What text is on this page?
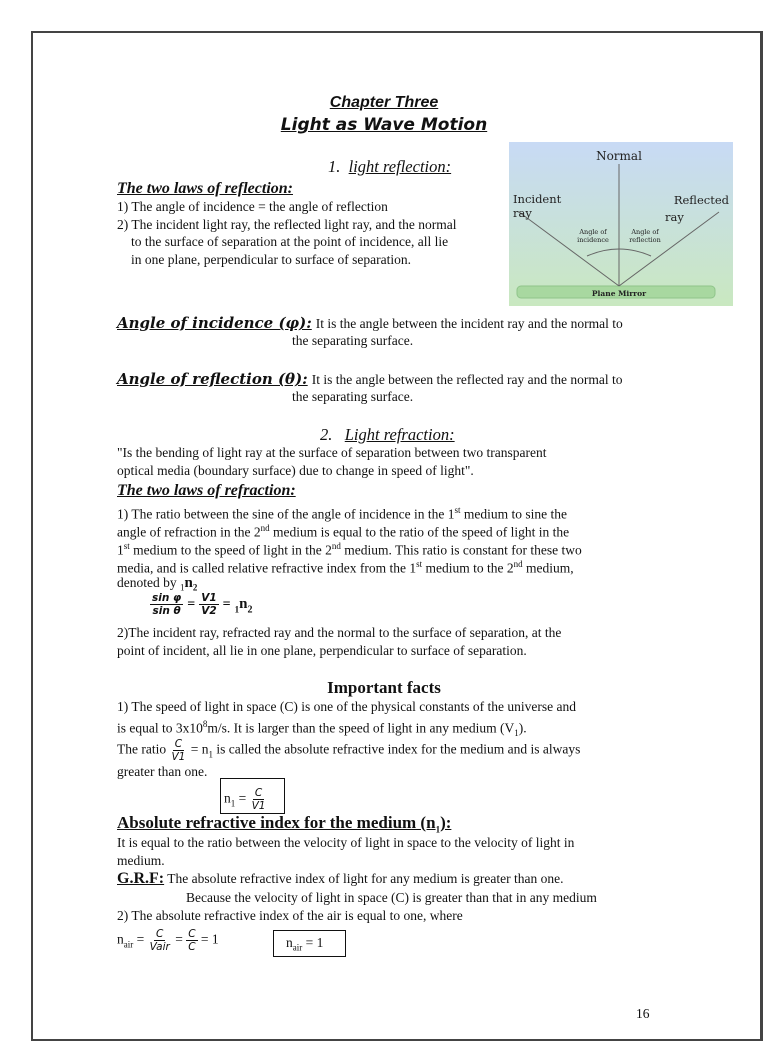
Chapter Three
Light as Wave Motion
1. light reflection:
The two laws of reflection:
1) The angle of incidence = the angle of reflection
2) The incident light ray, the reflected light ray, and the normal
to the surface of separation at the point of incidence, all lie
in one plane, perpendicular to surface of separation.
Normal
Incident
ray
Reflected
ray
Angle of
incidence
Angle of
reflection
Plane Mirror
Angle of incidence (φ): It is the angle between the incident ray and the normal to
the separating surface.
Angle of reflection (θ): It is the angle between the reflected ray and the normal to
the separating surface.
2. Light refraction:
"Is the bending of light ray at the surface of separation between two transparent
optical media (boundary surface) due to change in speed of light".
The two laws of refraction:
1) The ratio between the sine of the angle of incidence in the 1st medium to sine the
angle of refraction in the 2nd medium is equal to the ratio of the speed of light in the
1st medium to the speed of light in the 2nd medium. This ratio is constant for these two
media, and is called relative refractive index from the 1st medium to the 2nd medium,
denoted by $_1n_2$
$\frac{\text{sin φ}}{\text{sin θ}} = \frac{V1}{V2} = _1n_2$
2)The incident ray, refracted ray and the normal to the surface of separation, at the
point of incident, all lie in one plane, perpendicular to surface of separation.
Important facts
1) The speed of light in space (C) is one of the physical constants of the universe and
is equal to $3x10^8m/s$. It is larger than the speed of light in any medium $(V_1)$.
The ratio $\frac{C}{V1} = n_1$ is called the absolute refractive index for the medium and is always
greater than one.
$n_1 = \frac{C}{V1}$
Absolute refractive index for the medium $(n_1)$:
It is equal to the ratio between the velocity of light in space to the velocity of light in
medium.
G.R.F: The absolute refractive index of light for any medium is greater than one.
Because the velocity of light in space (C) is greater than that in any medium
2) The absolute refractive index of the air is equal to one, where
$n_{air} = \frac{C}{\text{Vair}} = \frac{C}{C} = 1$	$n_{air} = 1$
16
